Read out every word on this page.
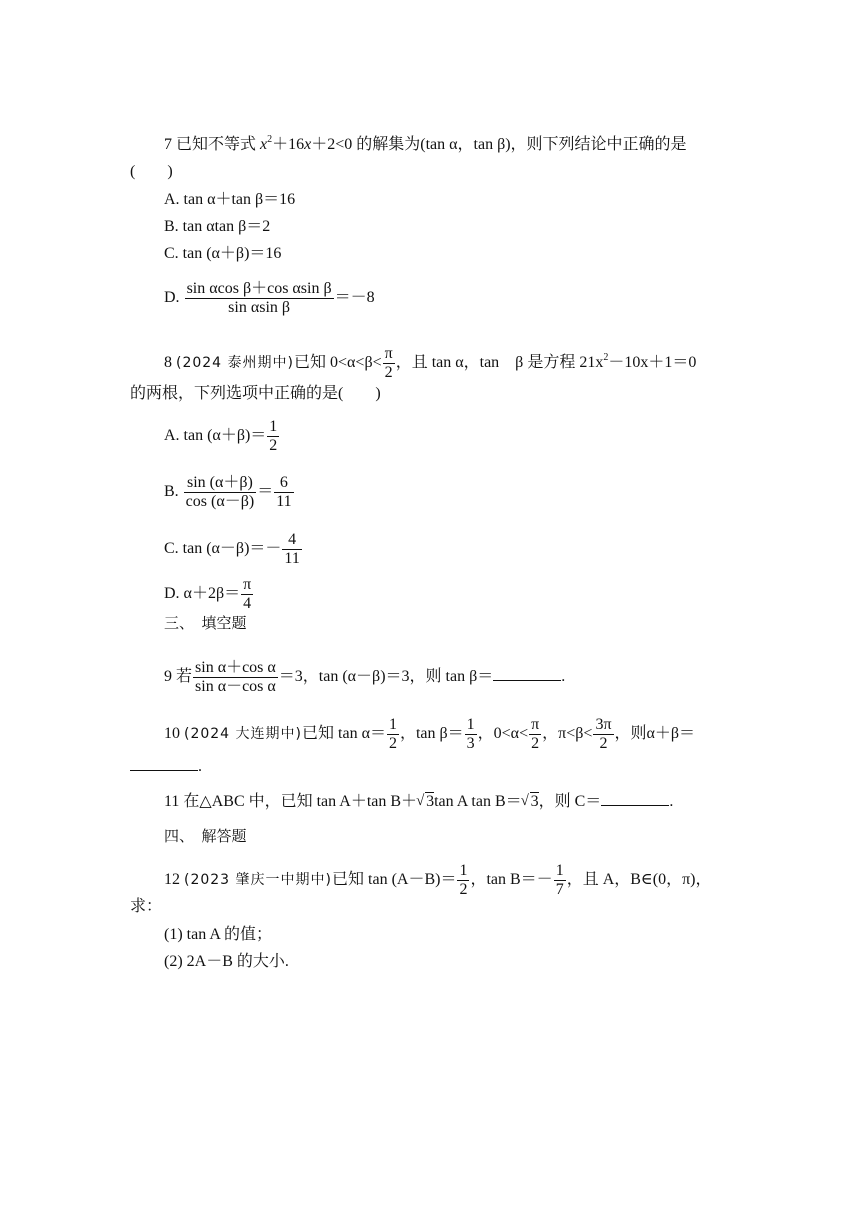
7 已知不等式 $x^2+16x+2<0$ 的解集为(tan α，tan β)，则下列结论中正确的是
(　　)
A. tan α＋tan β＝16
B. tan αtan β＝2
C. tan (α＋β)＝16
D. $\frac{\text{sin αcos β＋cos αsin β}}{\text{sin αsin β}} =-8$
8 (2024 泰州期中)已知 $0<\alpha<\beta< \frac{\pi}{2}$ ，且 tan α，tan　β 是方程 $21x^2-10x+1=0$
的两根，下列选项中正确的是(　　)
A. $\tan (\alpha+\beta)= \frac{1}{2}$
B. $\frac{\sin (\alpha+\beta)}{\cos (\alpha-\beta)} = \frac{6}{11}$
C. $\tan (\alpha-\beta)=- \frac{4}{11}$
D. $\alpha+2\beta= \frac{\pi}{4}$
三、　填空题
9 若 $\frac{\text{sin α＋cos α}}{\text{sin α－cos α}} =3$，tan (α－β)＝3，则 tan β＝	.
10 (2024 大连期中)已知 $\tan \alpha= \frac{1}{2}$ ，$\tan \beta= \frac{1}{3}$ ，$0<\alpha< \frac{\pi}{2}$ ，$\pi<\beta< \frac{3\pi}{2}$ ，则α＋β＝
.
11 在△ABC 中，已知 tan A＋tan B＋ √ 3tan A tan B＝ √ 3，则 C＝	.
四、　解答题
12 (2023 肇庆一中期中)已知 $\tan (A-B)= \frac{1}{2}$ ，$\tan B=- \frac{1}{7}$ ，且 A，B∈(0，π)，
求：
(1) tan A 的值；
(2) 2A－B 的大小.
